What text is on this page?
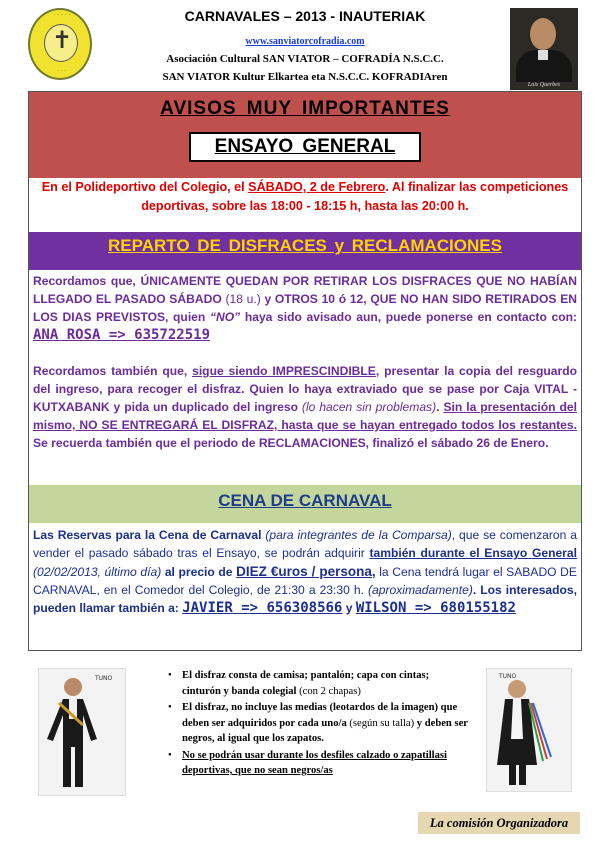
· · · · ·
✝
· · ·
CARNAVALES – 2013 - INAUTERIAK
www.sanviatorcofradia.com
Asociación Cultural SAN VIATOR – COFRADÍA N.S.C.C.
SAN VIATOR Kultur Elkartea eta N.S.C.C. KOFRADIAren
Luis Querbes
AVISOS MUY IMPORTANTES
ENSAYO GENERAL
En el Polideportivo del Colegio, el SÁBADO, 2 de Febrero. Al finalizar las competiciones deportivas, sobre las 18:00 - 18:15 h, hasta las 20:00 h.
REPARTO DE DISFRACES y RECLAMACIONES
Recordamos que, ÚNICAMENTE QUEDAN POR RETIRAR LOS DISFRACES QUE NO HABÍAN LLEGADO EL PASADO SÁBADO (18 u.) y OTROS 10 ó 12, QUE NO HAN SIDO RETIRADOS EN LOS DIAS PREVISTOS, quien “NO” haya sido avisado aun, puede ponerse en contacto con: ANA ROSA => 635722519
Recordamos también que, sigue siendo IMPRESCINDIBLE, presentar la copia del resguardo del ingreso, para recoger el disfraz. Quien lo haya extraviado que se pase por Caja VITAL - KUTXABANK y pida un duplicado del ingreso (lo hacen sin problemas). Sin la presentación del mismo, NO SE ENTREGARÁ EL DISFRAZ, hasta que se hayan entregado todos los restantes. Se recuerda también que el periodo de RECLAMACIONES, finalizó el sábado 26 de Enero.
CENA DE CARNAVAL
Las Reservas para la Cena de Carnaval (para integrantes de la Comparsa), que se comenzaron a vender el pasado sábado tras el Ensayo, se podrán adquirir también durante el Ensayo General (02/02/2013, último día) al precio de DIEZ €uros / persona, la Cena tendrá lugar el SABADO DE CARNAVAL, en el Comedor del Colegio, de 21:30 a 23:30 h. (aproximadamente). Los interesados, pueden llamar también a: JAVIER => 656308566 y WILSON => 680155182
TUNO
•	El disfraz consta de camisa; pantalón; capa con cintas; cinturón y banda colegial (con 2 chapas)
• El disfraz, no incluye las medias (leotardos de la imagen) que deben ser adquiridos por cada uno/a (según su talla) y deben ser negros, al igual que los zapatos.
• No se podrán usar durante los desfiles calzado o zapatillasi deportivas, que no sean negros/as
TUNO
La comisión Organizadora
